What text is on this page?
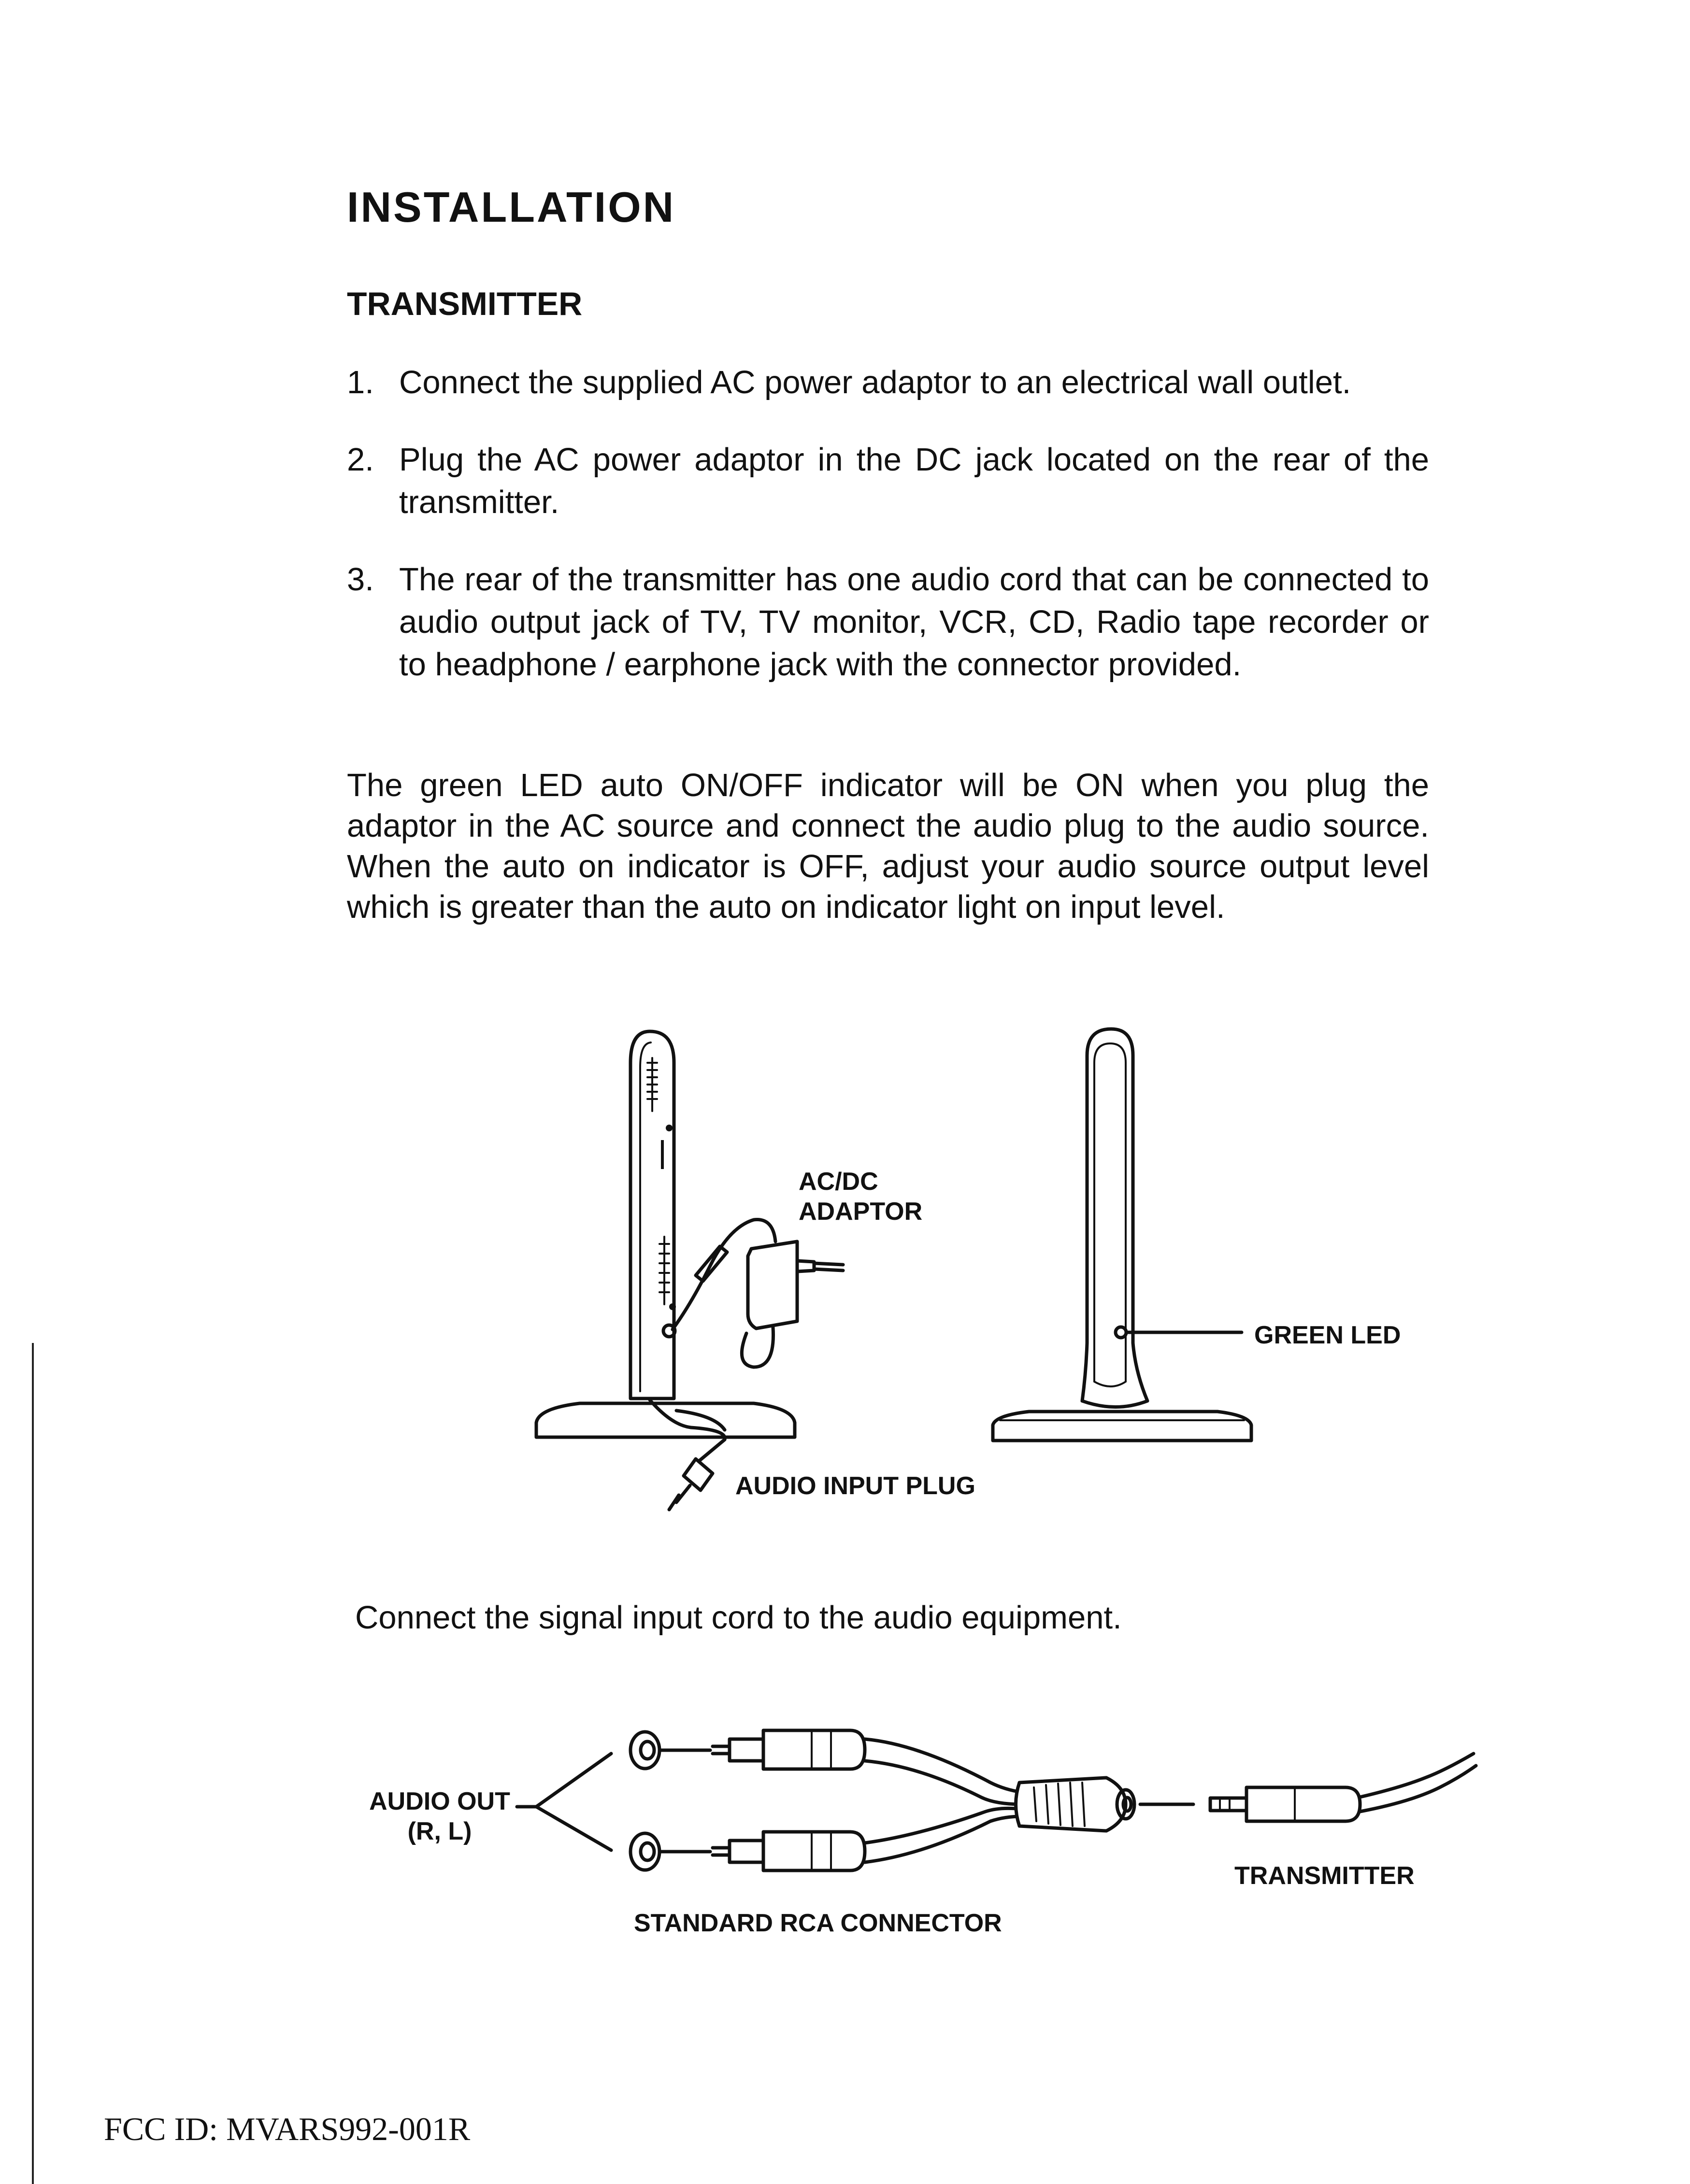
INSTALLATION
TRANSMITTER
1. Connect the supplied AC power adaptor to an electrical wall outlet.
2. Plug the AC power adaptor in the DC jack located on the rear of the transmitter.
3. The rear of the transmitter has one audio cord that can be connected to audio output jack of TV, TV monitor, VCR, CD, Radio tape recorder or to headphone / earphone jack with the connector provided.

The green LED auto ON/OFF indicator will be ON when you plug the adaptor in the AC source and connect the audio plug to the audio source. When the auto on indicator is OFF, adjust your audio source output level which is greater than the auto on indicator light on input level.

AC/DC
ADAPTOR
GREEN LED
AUDIO INPUT PLUG

Connect the signal input cord to the audio equipment.

AUDIO OUT
(R, L)
TRANSMITTER
STANDARD RCA CONNECTOR
FCC ID: MVARS992-001R
